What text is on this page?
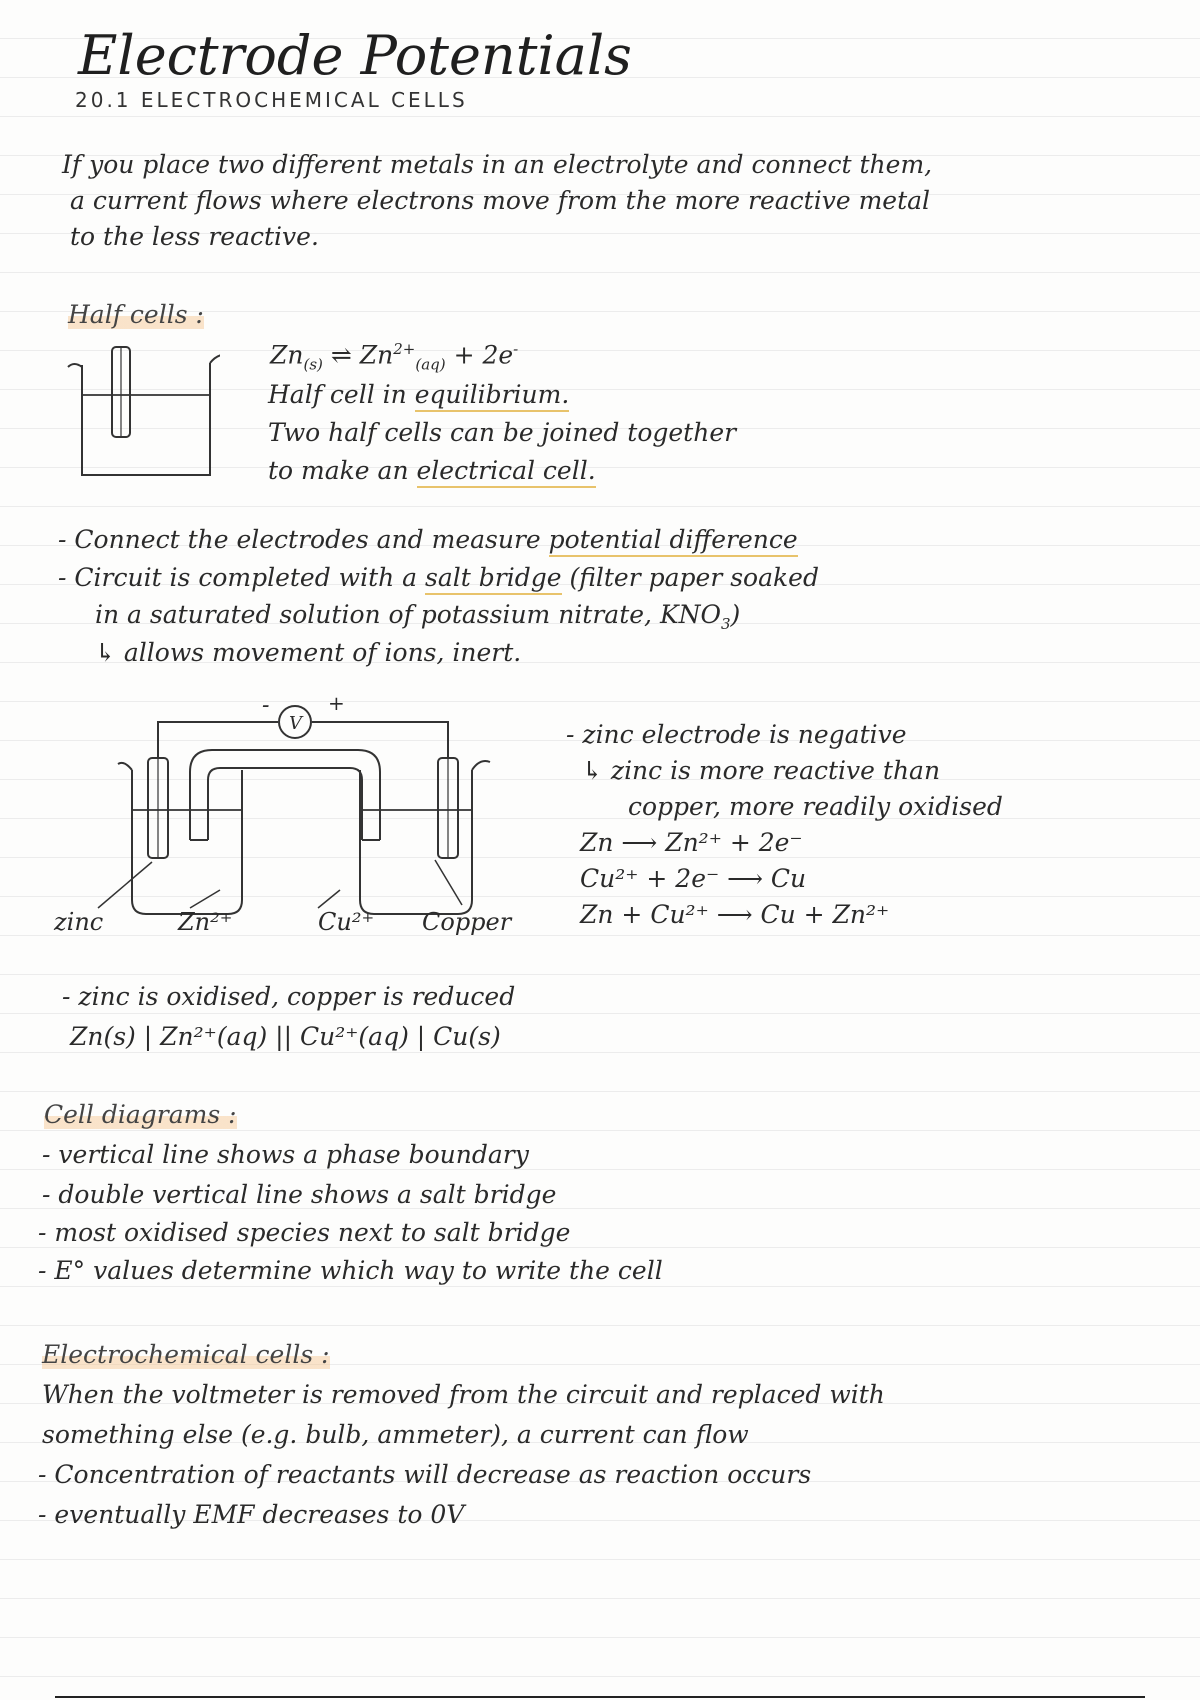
Electrode Potentials
20.1 ELECTROCHEMICAL CELLS
If you place two different metals in an electrolyte and connect them,
a current flows where electrons move from the more reactive metal
to the less reactive.
Half cells :
$Zn_{(s)}$ ⇌ $Zn^{2+}_{(aq)} + 2e^-$
Half cell in equilibrium.
Two half cells can be joined together
to make an electrical cell.
- Connect the electrodes and measure potential difference
- Circuit is completed with a salt bridge (filter paper soaked
in a saturated solution of potassium nitrate, $KNO_3$)
↳ allows movement of ions, inert.
V
-	+
zinc	Zn²⁺	Cu²⁺ Copper
- zinc electrode is negative
↳ zinc is more reactive than
copper, more readily oxidised
Zn ⟶ Zn²⁺ + 2e⁻
Cu²⁺ + 2e⁻ ⟶ Cu
Zn + Cu²⁺ ⟶ Cu + Zn²⁺
- zinc is oxidised, copper is reduced
Zn(s) | Zn²⁺(aq) || Cu²⁺(aq) | Cu(s)
Cell diagrams :
- vertical line shows a phase boundary
- double vertical line shows a salt bridge
- most oxidised species next to salt bridge
- E° values determine which way to write the cell
Electrochemical cells :
When the voltmeter is removed from the circuit and replaced with
something else (e.g. bulb, ammeter), a current can flow
- Concentration of reactants will decrease as reaction occurs
- eventually EMF decreases to 0V
